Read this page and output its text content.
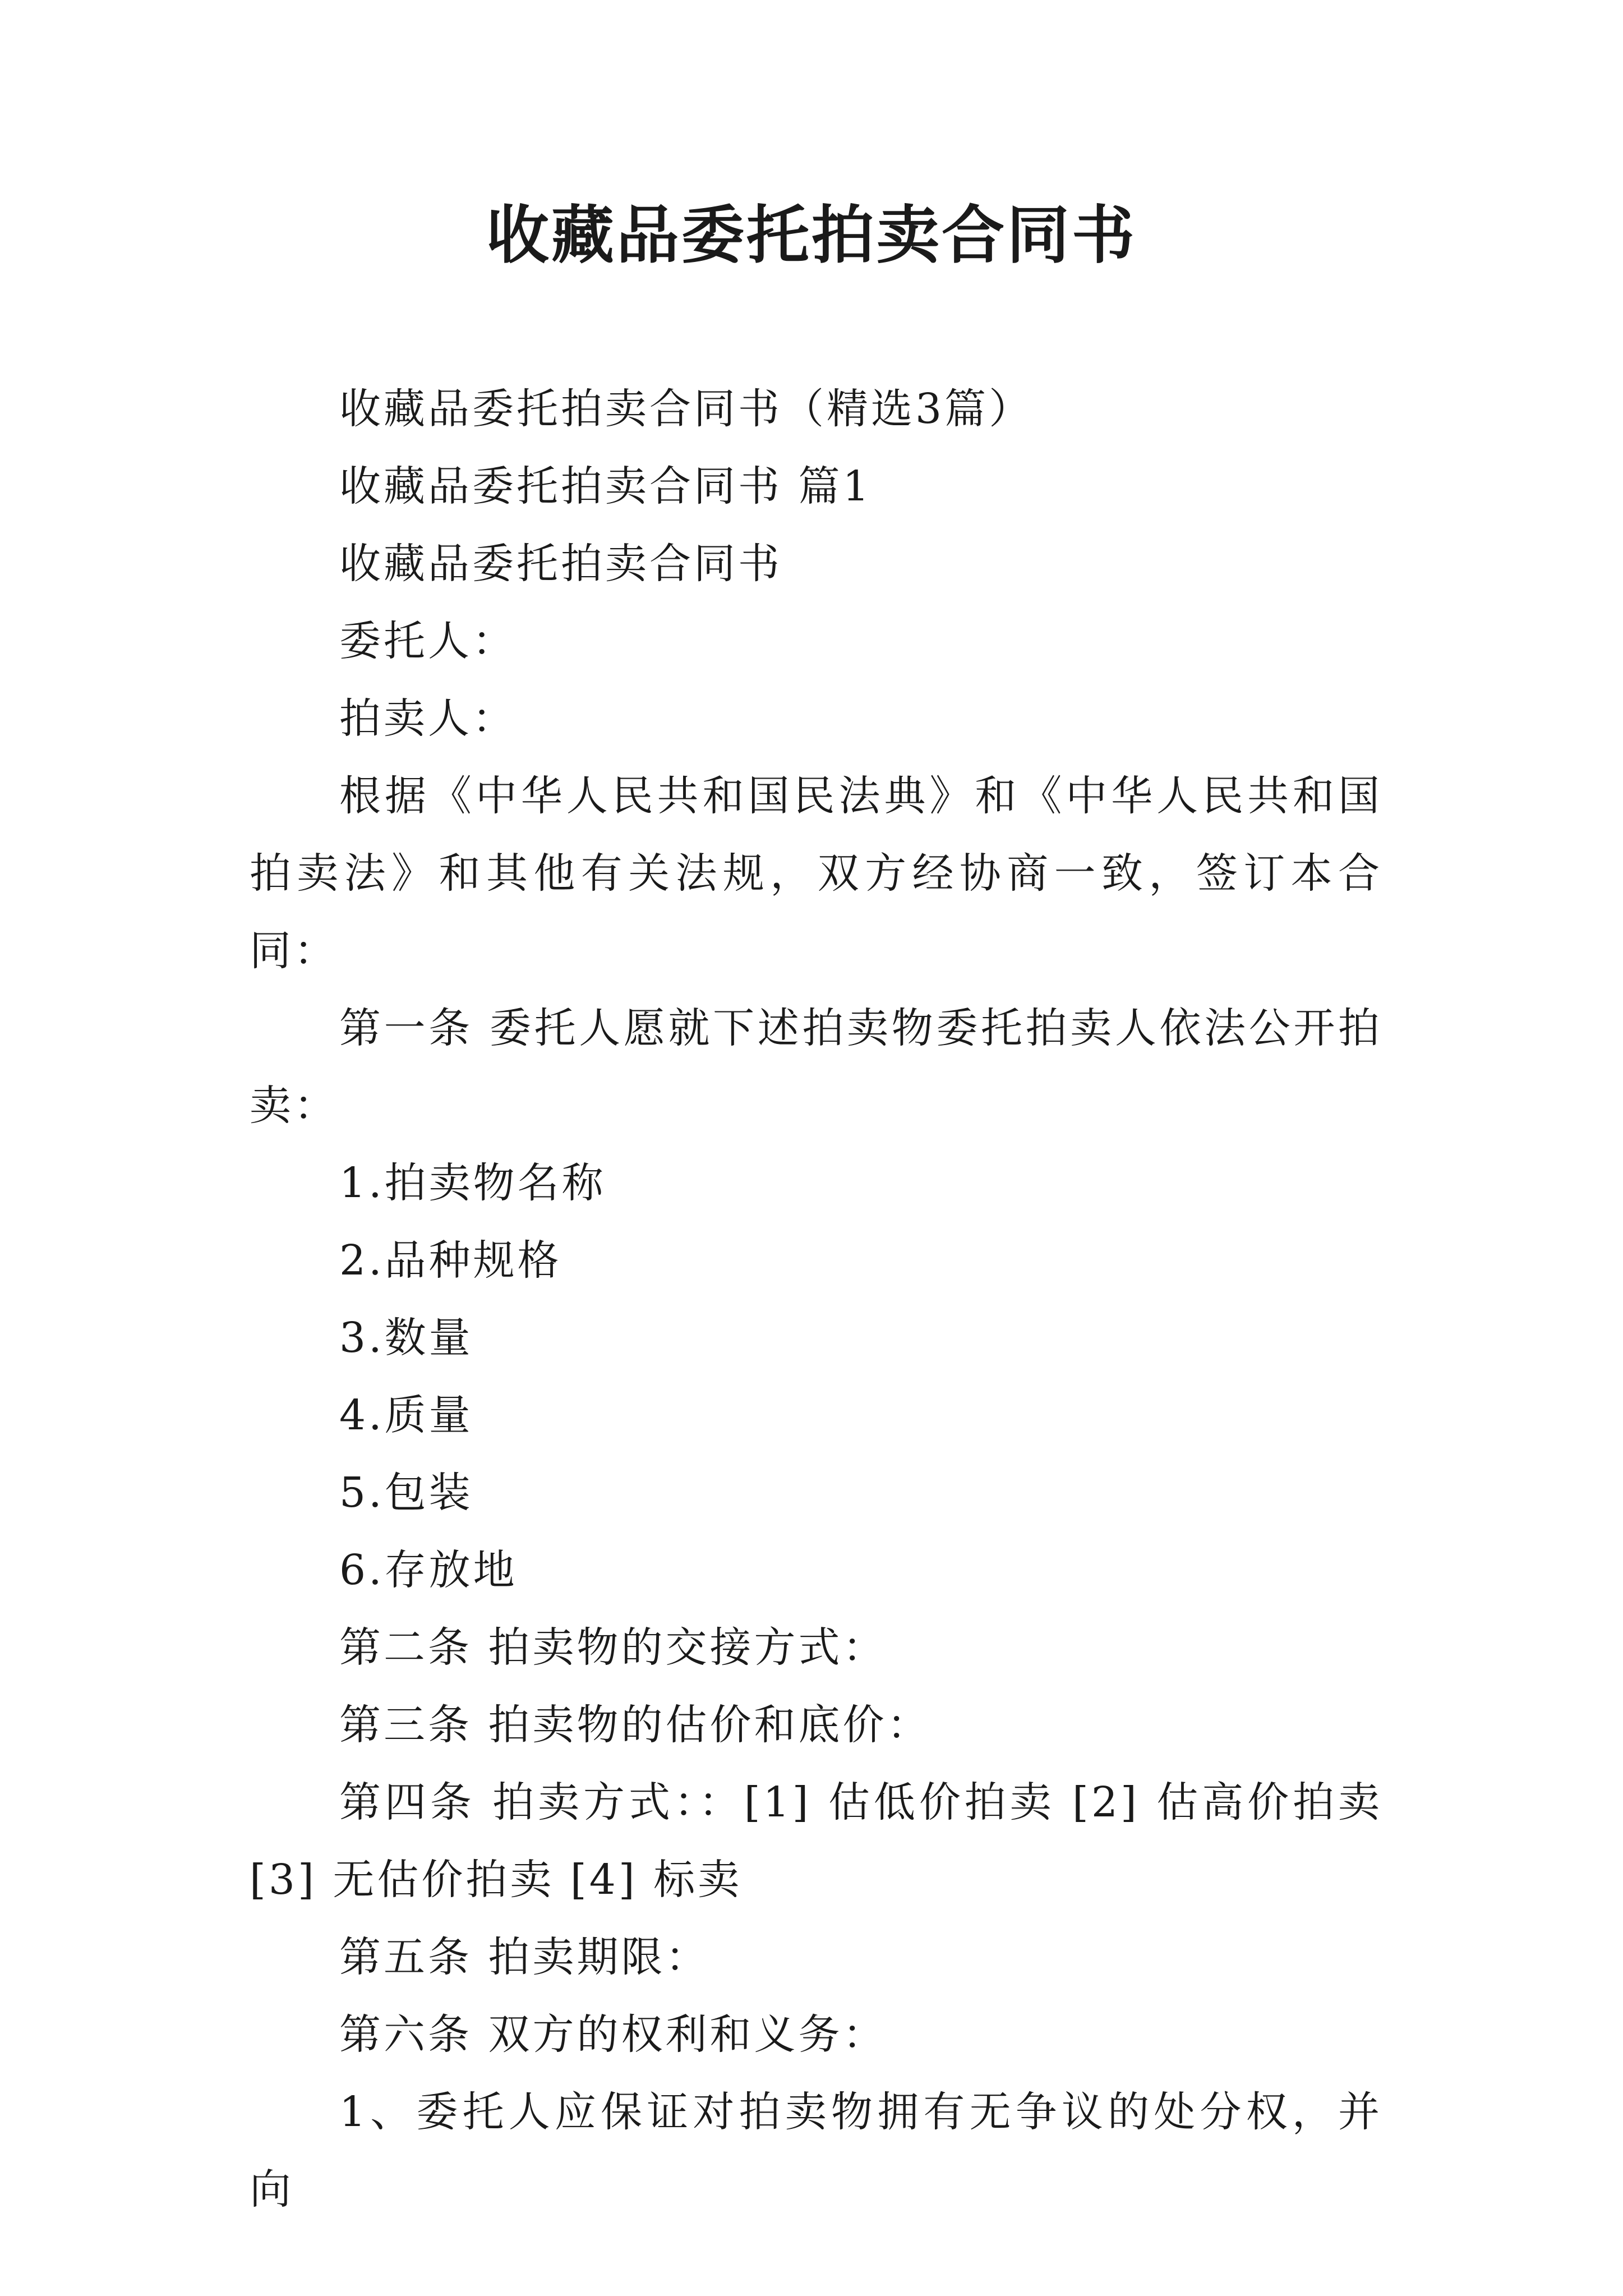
收藏品委托拍卖合同书

收藏品委托拍卖合同书（精选3篇）

收藏品委托拍卖合同书 篇1

收藏品委托拍卖合同书

委托人：

拍卖人：

根据《中华人民共和国民法典》和《中华人民共和国拍卖法》和其他有关法规，双方经协商一致，签订本合同：

第一条 委托人愿就下述拍卖物委托拍卖人依法公开拍卖：

1.拍卖物名称

2.品种规格

3.数量

4.质量

5.包装

6.存放地

第二条 拍卖物的交接方式：

第三条 拍卖物的估价和底价：

第四条 拍卖方式：：[1] 估低价拍卖 [2] 估高价拍卖 [3] 无估价拍卖 [4] 标卖

第五条 拍卖期限：

第六条 双方的权利和义务：

1、委托人应保证对拍卖物拥有无争议的处分权，并向
